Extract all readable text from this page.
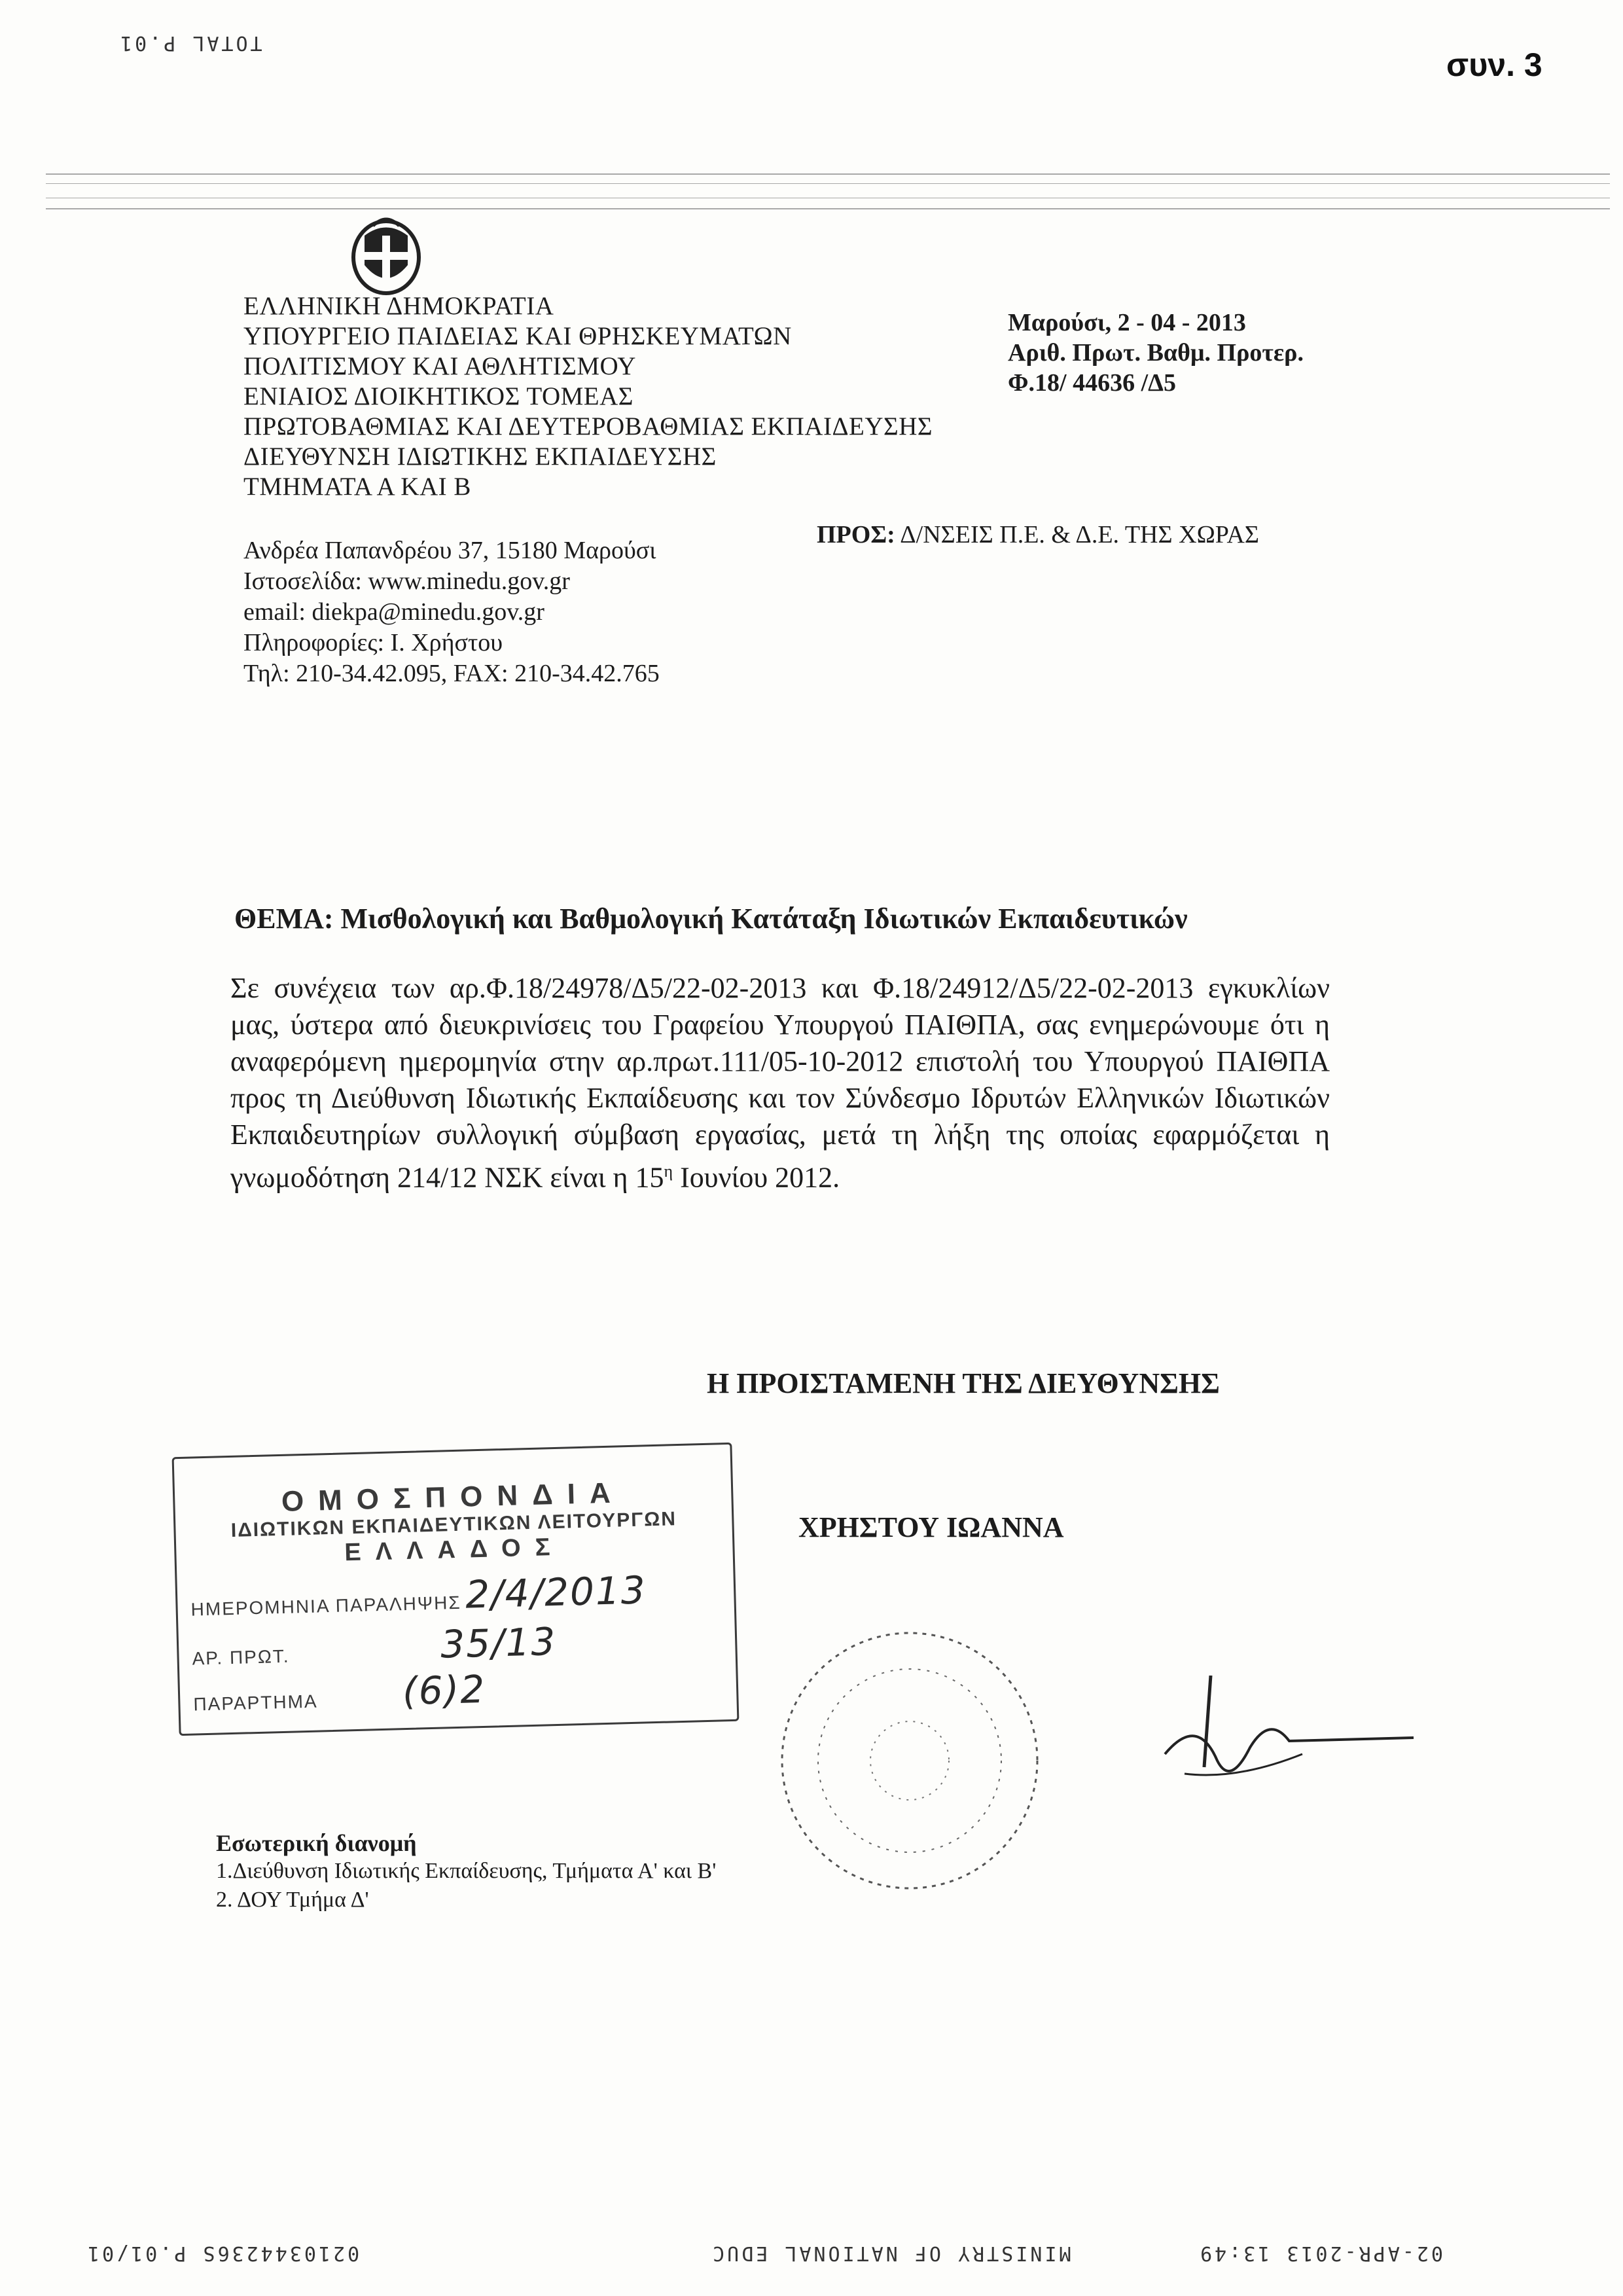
TOTAL P.01
συν. 3
ΕΛΛΗΝΙΚΗ ΔΗΜΟΚΡΑΤΙΑ
ΥΠΟΥΡΓΕΙΟ ΠΑΙΔΕΙΑΣ ΚΑΙ ΘΡΗΣΚΕΥΜΑΤΩΝ
ΠΟΛΙΤΙΣΜΟΥ ΚΑΙ ΑΘΛΗΤΙΣΜΟΥ
ΕΝΙΑΙΟΣ ΔΙΟΙΚΗΤΙΚΟΣ ΤΟΜΕΑΣ
ΠΡΩΤΟΒΑΘΜΙΑΣ ΚΑΙ ΔΕΥΤΕΡΟΒΑΘΜΙΑΣ ΕΚΠΑΙΔΕΥΣΗΣ
ΔΙΕΥΘΥΝΣΗ ΙΔΙΩΤΙΚΗΣ ΕΚΠΑΙΔΕΥΣΗΣ
ΤΜΗΜΑΤΑ Α ΚΑΙ Β
Μαρούσι, 2 - 04 - 2013
Αριθ. Πρωτ. Βαθμ. Προτερ.
Φ.18/ 44636 /Δ5
ΠΡΟΣ: Δ/ΝΣΕΙΣ Π.Ε. & Δ.Ε. ΤΗΣ ΧΩΡΑΣ
Ανδρέα Παπανδρέου 37, 15180 Μαρούσι
Ιστοσελίδα: www.minedu.gov.gr
email: diekpa@minedu.gov.gr
Πληροφορίες: Ι. Χρήστου
Τηλ: 210-34.42.095, FAX: 210-34.42.765
ΘΕΜΑ: Μισθολογική και Βαθμολογική Κατάταξη Ιδιωτικών Εκπαιδευτικών

Σε συνέχεια των αρ.Φ.18/24978/Δ5/22-02-2013 και Φ.18/24912/Δ5/22-02-2013 εγκυκλίων μας, ύστερα από διευκρινίσεις του Γραφείου Υπουργού ΠΑΙΘΠΑ, σας ενημερώνουμε ότι η αναφερόμενη ημερομηνία στην αρ.πρωτ.111/05-10-2012 επιστολή του Υπουργού ΠΑΙΘΠΑ προς τη Διεύθυνση Ιδιωτικής Εκπαίδευσης και τον Σύνδεσμο Ιδρυτών Ελληνικών Ιδιωτικών Εκπαιδευτηρίων συλλογική σύμβαση εργασίας, μετά τη λήξη της οποίας εφαρμόζεται η γνωμοδότηση 214/12 ΝΣΚ είναι η $15^\eta$ Ιουνίου 2012.

Η ΠΡΟΙΣΤΑΜΕΝΗ ΤΗΣ ΔΙΕΥΘΥΝΣΗΣ
ΧΡΗΣΤΟΥ ΙΩΑΝΝΑ
ΟΜΟΣΠΟΝΔΙΑ
ΙΔΙΩΤΙΚΩΝ ΕΚΠΑΙΔΕΥΤΙΚΩΝ ΛΕΙΤΟΥΡΓΩΝ
ΕΛΛΑΔΟΣ
ΗΜΕΡΟΜΗΝΙΑ ΠΑΡΑΛΗΨΗΣ 2/4/2013
ΑΡ. ΠΡΩΤ.	35/13
ΠΑΡΑΡΤΗΜΑ (6)2
Εσωτερική διανομή
1.Διεύθυνση Ιδιωτικής Εκπαίδευσης, Τμήματα Α' και Β'
2. ΔΟΥ Τμήμα Δ'
02-APR-2013 13:49
MINISTRY OF NATIONAL EDUC
0210344236S P.01/01
